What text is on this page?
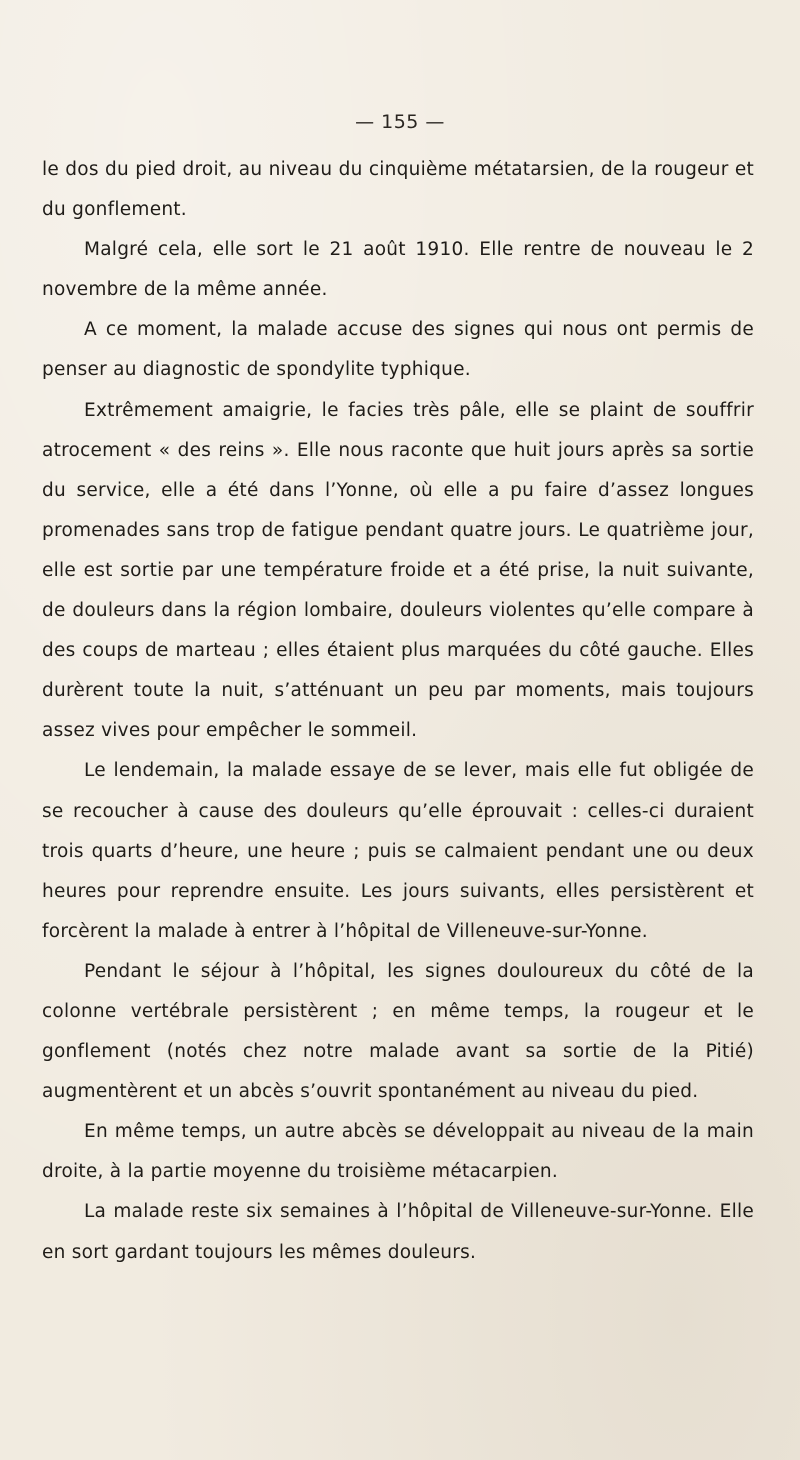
— 155 —

le dos du pied droit, au niveau du cinquième métatarsien, de la rougeur et du gonflement.

Malgré cela, elle sort le 21 août 1910. Elle rentre de nouveau le 2 novembre de la même année.

A ce moment, la malade accuse des signes qui nous ont permis de penser au diagnostic de spondylite typhique.

Extrêmement amaigrie, le facies très pâle, elle se plaint de souffrir atrocement « des reins ». Elle nous raconte que huit jours après sa sortie du service, elle a été dans l’Yonne, où elle a pu faire d’assez longues promenades sans trop de fatigue pendant quatre jours. Le quatrième jour, elle est sortie par une température froide et a été prise, la nuit suivante, de douleurs dans la région lombaire, douleurs violentes qu’elle compare à des coups de marteau ; elles étaient plus marquées du côté gauche. Elles durèrent toute la nuit, s’atténuant un peu par moments, mais toujours assez vives pour empêcher le sommeil.

Le lendemain, la malade essaye de se lever, mais elle fut obligée de se recoucher à cause des douleurs qu’elle éprouvait : celles-ci duraient trois quarts d’heure, une heure ; puis se calmaient pendant une ou deux heures pour reprendre ensuite. Les jours suivants, elles persistèrent et forcèrent la malade à entrer à l’hôpital de Villeneuve-sur-Yonne.

Pendant le séjour à l’hôpital, les signes douloureux du côté de la colonne vertébrale persistèrent ; en même temps, la rougeur et le gonflement (notés chez notre malade avant sa sortie de la Pitié) augmentèrent et un abcès s’ouvrit spontanément au niveau du pied.

En même temps, un autre abcès se développait au niveau de la main droite, à la partie moyenne du troisième métacarpien.

La malade reste six semaines à l’hôpital de Villeneuve-sur-Yonne. Elle en sort gardant toujours les mêmes douleurs.
